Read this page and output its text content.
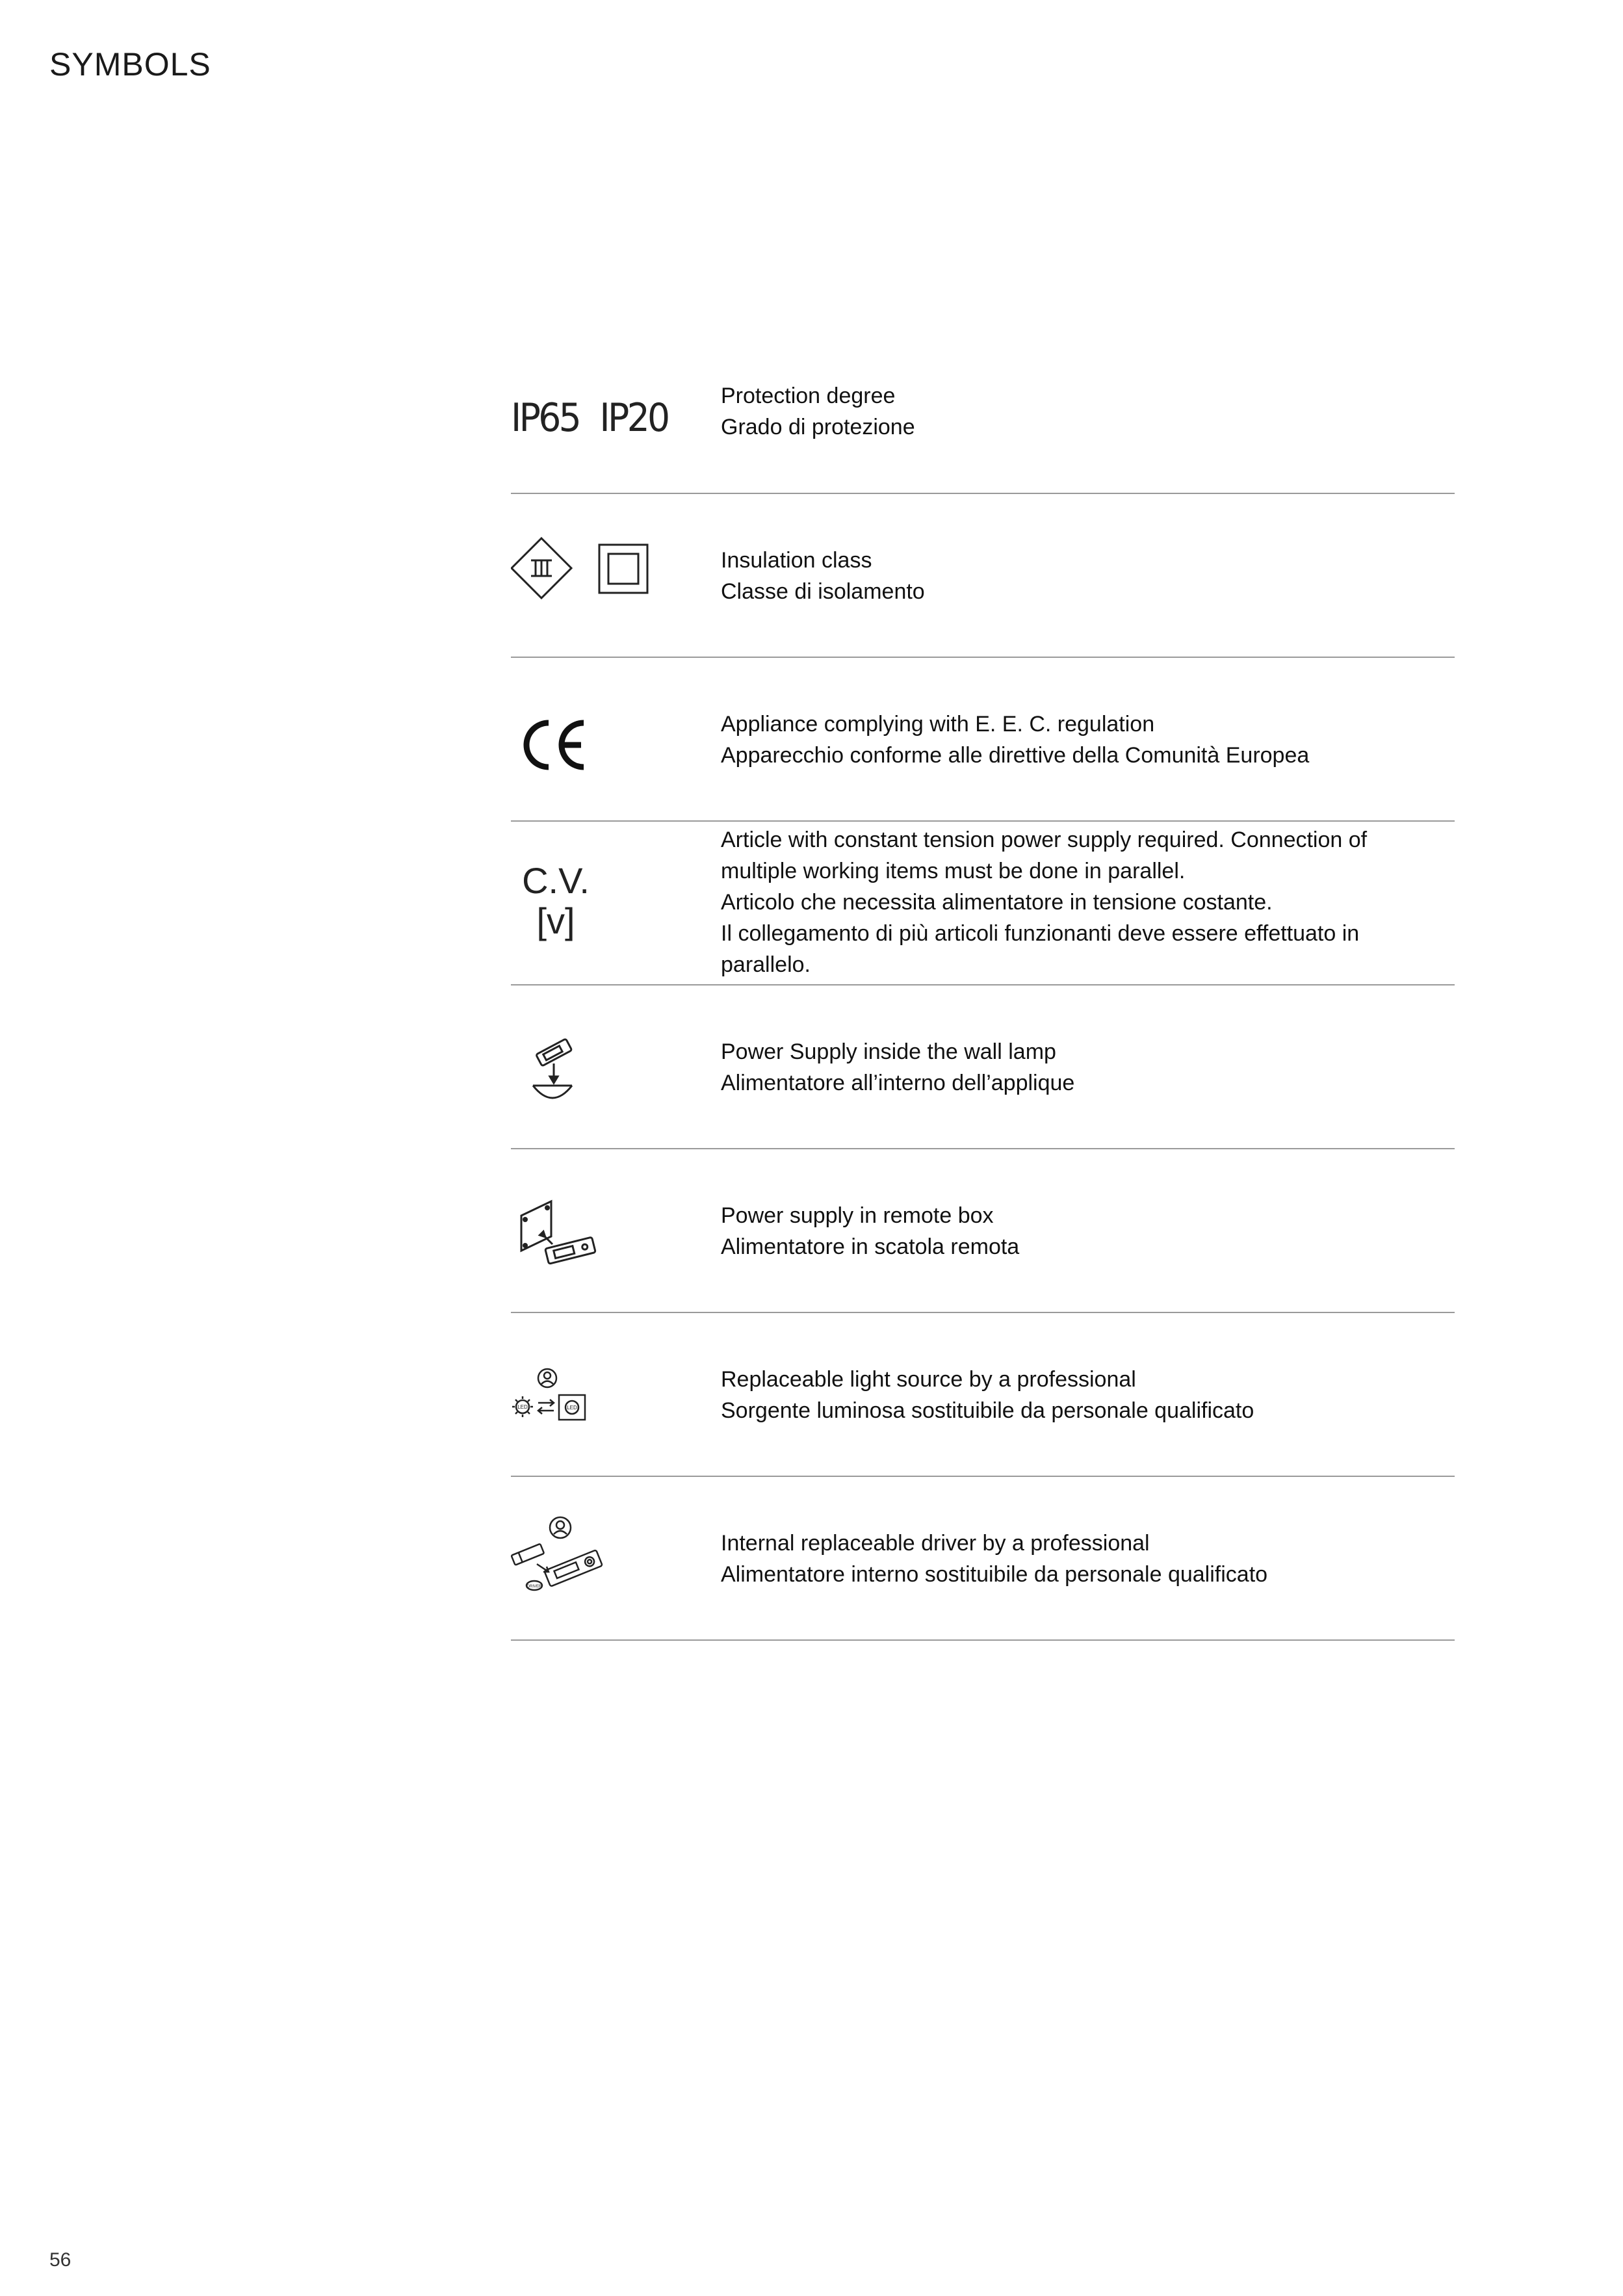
SYMBOLS
IP65 IP20 Protection degree
Grado di protezione
Insulation class
Classe di isolamento
Appliance complying with E. E. C. regulation
Apparecchio conforme alle direttive della Comunità Europea
C.V.
[v]
Article with constant tension power supply required. Connection of
multiple working items must be done in parallel.
Articolo che necessita alimentatore in tensione costante.
Il collegamento di più articoli funzionanti deve essere effettuato in
parallelo.
Power Supply inside the wall lamp
Alimentatore all’interno dell’applique
Power supply in remote box
Alimentatore in scatola remota
LED	LED
Replaceable light source by a professional
Sorgente luminosa sostituibile da personale qualificato
DRIVER
Internal replaceable driver by a professional
Alimentatore interno sostituibile da personale qualificato
56
